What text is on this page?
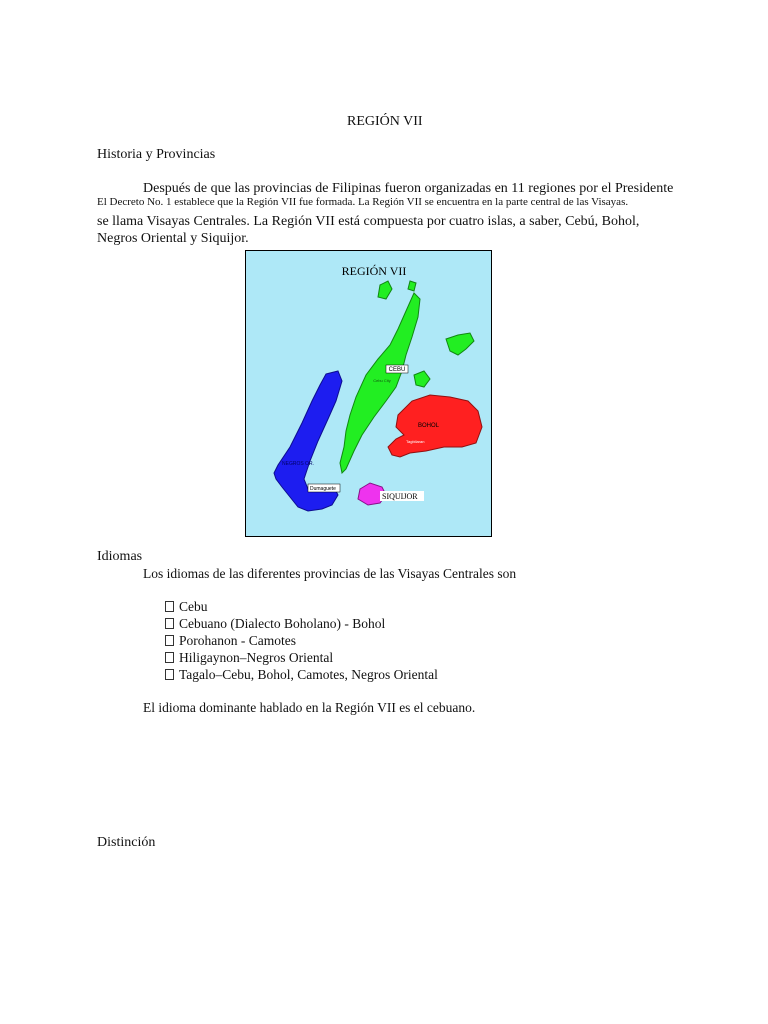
REGIÓN VII
Historia y Provincias
Después de que las provincias de Filipinas fueron organizadas en 11 regiones por el Presidente
El Decreto No. 1 establece que la Región VII fue formada. La Región VII se encuentra en la parte central de las Visayas.
se llama Visayas Centrales. La Región VII está compuesta por cuatro islas, a saber, Cebú, Bohol,
Negros Oriental y Siquijor.
REGIÓN VII
CEBU
Cebu City
BOHOL
Tagbilaran
NEGROS OR.
Dumaguete
SIQUIJOR
Idiomas
Los idiomas de las diferentes provincias de las Visayas Centrales son
Cebu
Cebuano (Dialecto Boholano) - Bohol
Porohanon - Camotes
Hiligaynon–Negros Oriental
Tagalo–Cebu, Bohol, Camotes, Negros Oriental
El idioma dominante hablado en la Región VII es el cebuano.
Distinción
